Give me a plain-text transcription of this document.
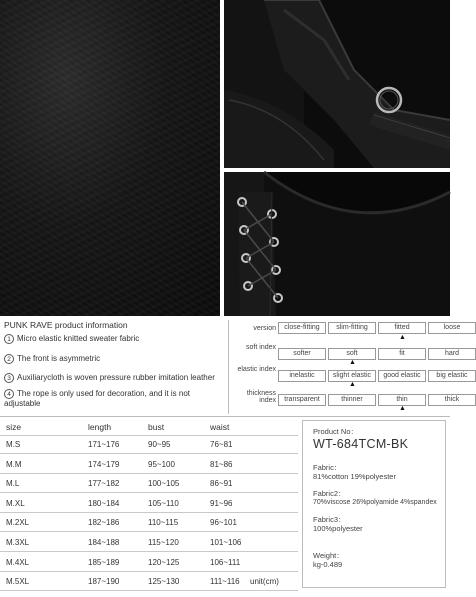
PUNK RAVE product information
1 Micro elastic knitted sweater fabric
2 The front is asymmetric
3 Auxiliarycloth is woven pressure rubber imitation leather
4 The rope is only used for decoration, and it is not adjustable
version	close-fitting	slim-fitting	fitted	loose
▲
soft index
softer	soft	fit	hard
▲
elastic index
inelastic	slight elastic	good elastic	big elastic
▲
thickness index	transparent	thinner	thin	thick
▲
size	length	bust	waist
M.S	171~176	90~95	76~81
M.M	174~179	95~100	81~86
M.L	177~182	100~105	86~91
M.XL	180~184	105~110	91~96
M.2XL	182~186	110~115	96~101
M.3XL	184~188	115~120	101~106
M.4XL	185~189	120~125	106~111
M.5XL	187~190	125~130	111~116 unit(cm)
Product No：
WT-684TCM-BK
Fabric：
81%cotton 19%polyester
Fabric2：
70%viscose 26%polyamide 4%spandex
Fabric3：
100%polyester
Weight：
kg-0.489
